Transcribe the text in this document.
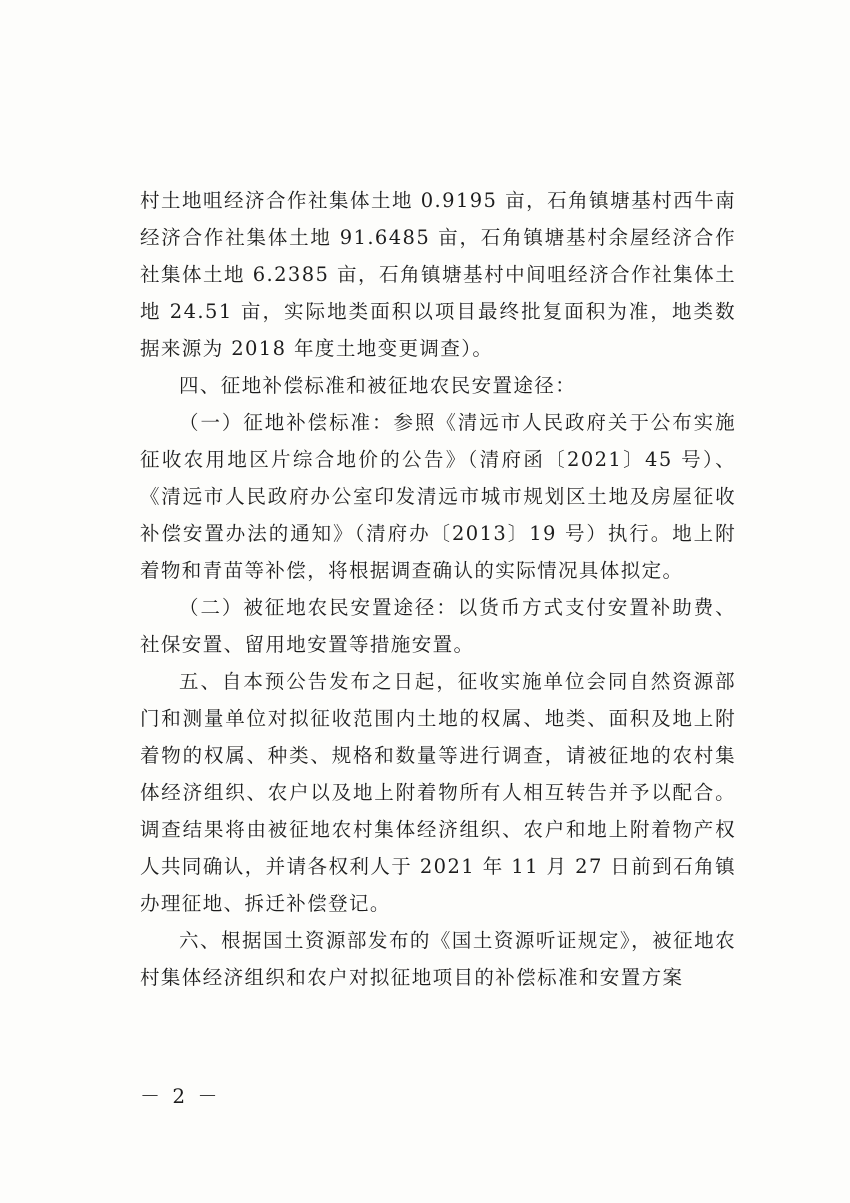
村土地咀经济合作社集体土地 0.9195 亩，石角镇塘基村西牛南经济合作社集体土地 91.6485 亩，石角镇塘基村余屋经济合作社集体土地 6.2385 亩，石角镇塘基村中间咀经济合作社集体土地 24.51 亩，实际地类面积以项目最终批复面积为准，地类数据来源为 2018 年度土地变更调查）。

四、征地补偿标准和被征地农民安置途径：

（一）征地补偿标准：参照《清远市人民政府关于公布实施征收农用地区片综合地价的公告》（清府函〔2021〕45 号）、《清远市人民政府办公室印发清远市城市规划区土地及房屋征收补偿安置办法的通知》（清府办〔2013〕19 号）执行。地上附着物和青苗等补偿，将根据调查确认的实际情况具体拟定。

（二）被征地农民安置途径：以货币方式支付安置补助费、社保安置、留用地安置等措施安置。

五、自本预公告发布之日起，征收实施单位会同自然资源部门和测量单位对拟征收范围内土地的权属、地类、面积及地上附着物的权属、种类、规格和数量等进行调查，请被征地的农村集体经济组织、农户以及地上附着物所有人相互转告并予以配合。调查结果将由被征地农村集体经济组织、农户和地上附着物产权人共同确认，并请各权利人于 2021 年 11 月 27 日前到石角镇办理征地、拆迁补偿登记。

六、根据国土资源部发布的《国土资源听证规定》，被征地农村集体经济组织和农户对拟征地项目的补偿标准和安置方案

－ 2 －
